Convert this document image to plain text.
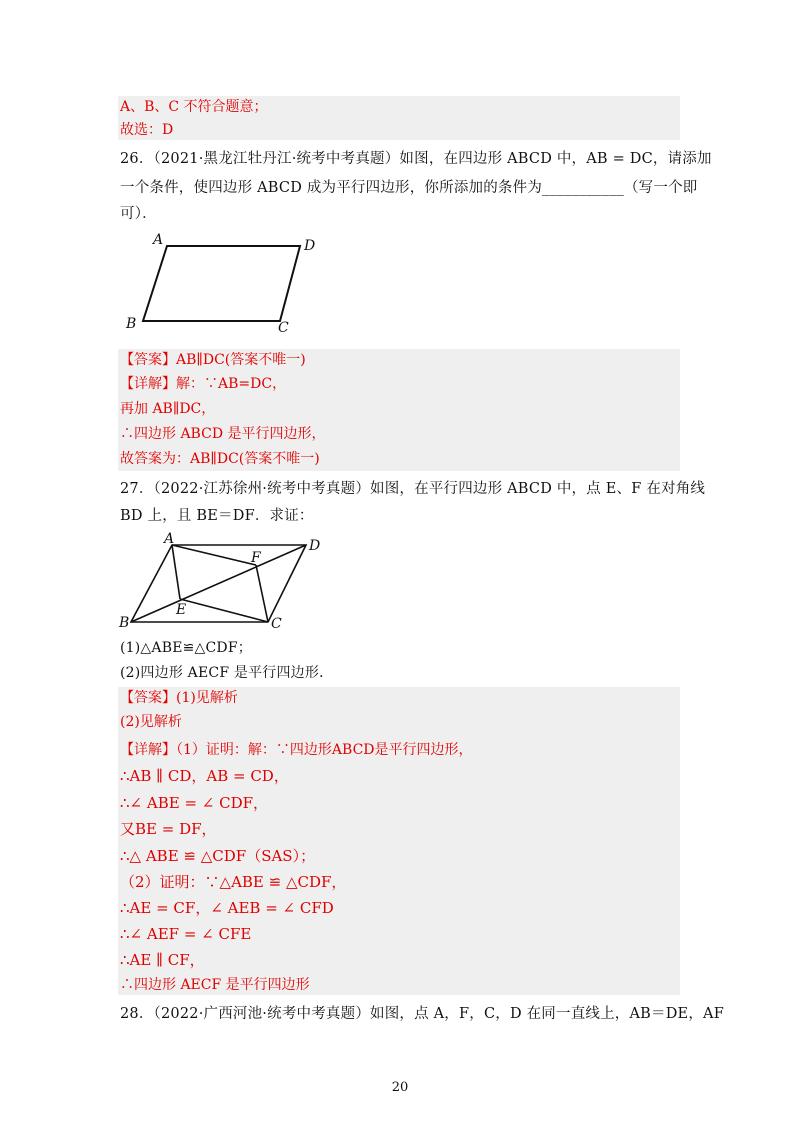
A、B、C 不符合题意；
故选：D
26．（2021·黑龙江牡丹江·统考中考真题）如图，在四边形 ABCD 中，AB = DC，请添加
一个条件，使四边形 ABCD 成为平行四边形，你所添加的条件为___________（写一个即
可）．
A	D
B	C
【答案】AB∥DC(答案不唯一)
【详解】解：∵AB=DC，
再加 AB∥DC，
∴四边形 ABCD 是平行四边形，
故答案为：AB∥DC(答案不唯一)
27．（2022·江苏徐州·统考中考真题）如图，在平行四边形 ABCD 中，点 E、F 在对角线
BD 上，且 BE＝DF．求证：
A	D
F
E
B	C
(1)△ABE≌△CDF；
(2)四边形 AECF 是平行四边形．
【答案】(1)见解析
(2)见解析
【详解】（1）证明：解：∵四边形ABCD是平行四边形，
∴AB ∥ CD，AB = CD，
∴∠ ABE = ∠ CDF，
又BE = DF，
∴△ ABE ≌ △CDF（SAS）；
（2）证明：∵△ABE ≌ △CDF，
∴AE = CF，∠ AEB = ∠ CFD
∴∠ AEF = ∠ CFE
∴AE ∥ CF，
∴四边形 AECF 是平行四边形
28．（2022·广西河池·统考中考真题）如图，点 A，F，C，D 在同一直线上，AB＝DE，AF
20
